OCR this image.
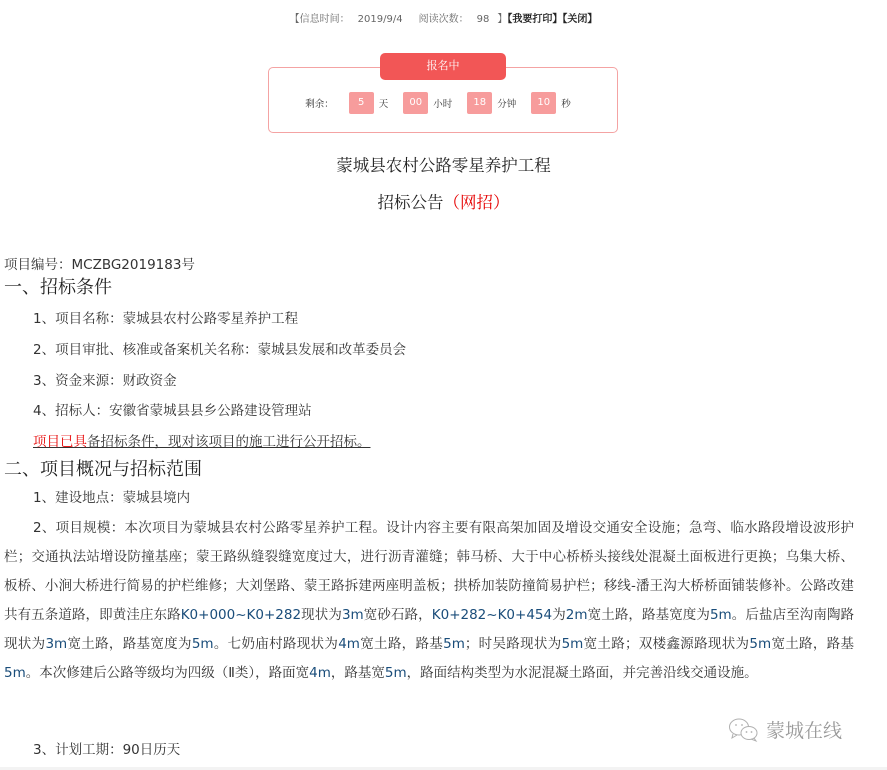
【信息时间： 2019/9/4 阅读次数： 98 】【我要打印】【关闭】
剩余：	5	天	00	小时	18	分钟	10	秒
报名中
蒙城县农村公路零星养护工程
招标公告（网招）
项目编号：MCZBG2019183号
一、招标条件
1、项目名称：蒙城县农村公路零星养护工程
2、项目审批、核准或备案机关名称：蒙城县发展和改革委员会
3、资金来源：财政资金
4、招标人：安徽省蒙城县县乡公路建设管理站
项目已具备招标条件，现对该项目的施工进行公开招标。
二、项目概况与招标范围
1、建设地点：蒙城县境内
2、项目规模：本次项目为蒙城县农村公路零星养护工程。设计内容主要有限高架加固及增设交通安全设施；急弯、临水路段增设波形护栏；交通执法站增设防撞基座；蒙王路纵缝裂缝宽度过大，进行沥青灌缝；韩马桥、大于中心桥桥头接线处混凝土面板进行更换；乌集大桥、板桥、小涧大桥进行简易的护栏维修；大刘堡路、蒙王路拆建两座明盖板；拱桥加装防撞简易护栏；移线-潘王沟大桥桥面铺装修补。公路改建共有五条道路，即黄洼庄东路K0+000~K0+282现状为3m宽砂石路，K0+282~K0+454为2m宽土路，路基宽度为5m。后盐店至沟南陶路现状为3m宽土路，路基宽度为5m。七奶庙村路现状为4m宽土路，路基5m；时吴路现状为5m宽土路；双楼鑫源路现状为5m宽土路，路基5m。本次修建后公路等级均为四级（Ⅱ类），路面宽4m，路基宽5m，路面结构类型为水泥混凝土路面，并完善沿线交通设施。
3、计划工期：90日历天
蒙城在线
